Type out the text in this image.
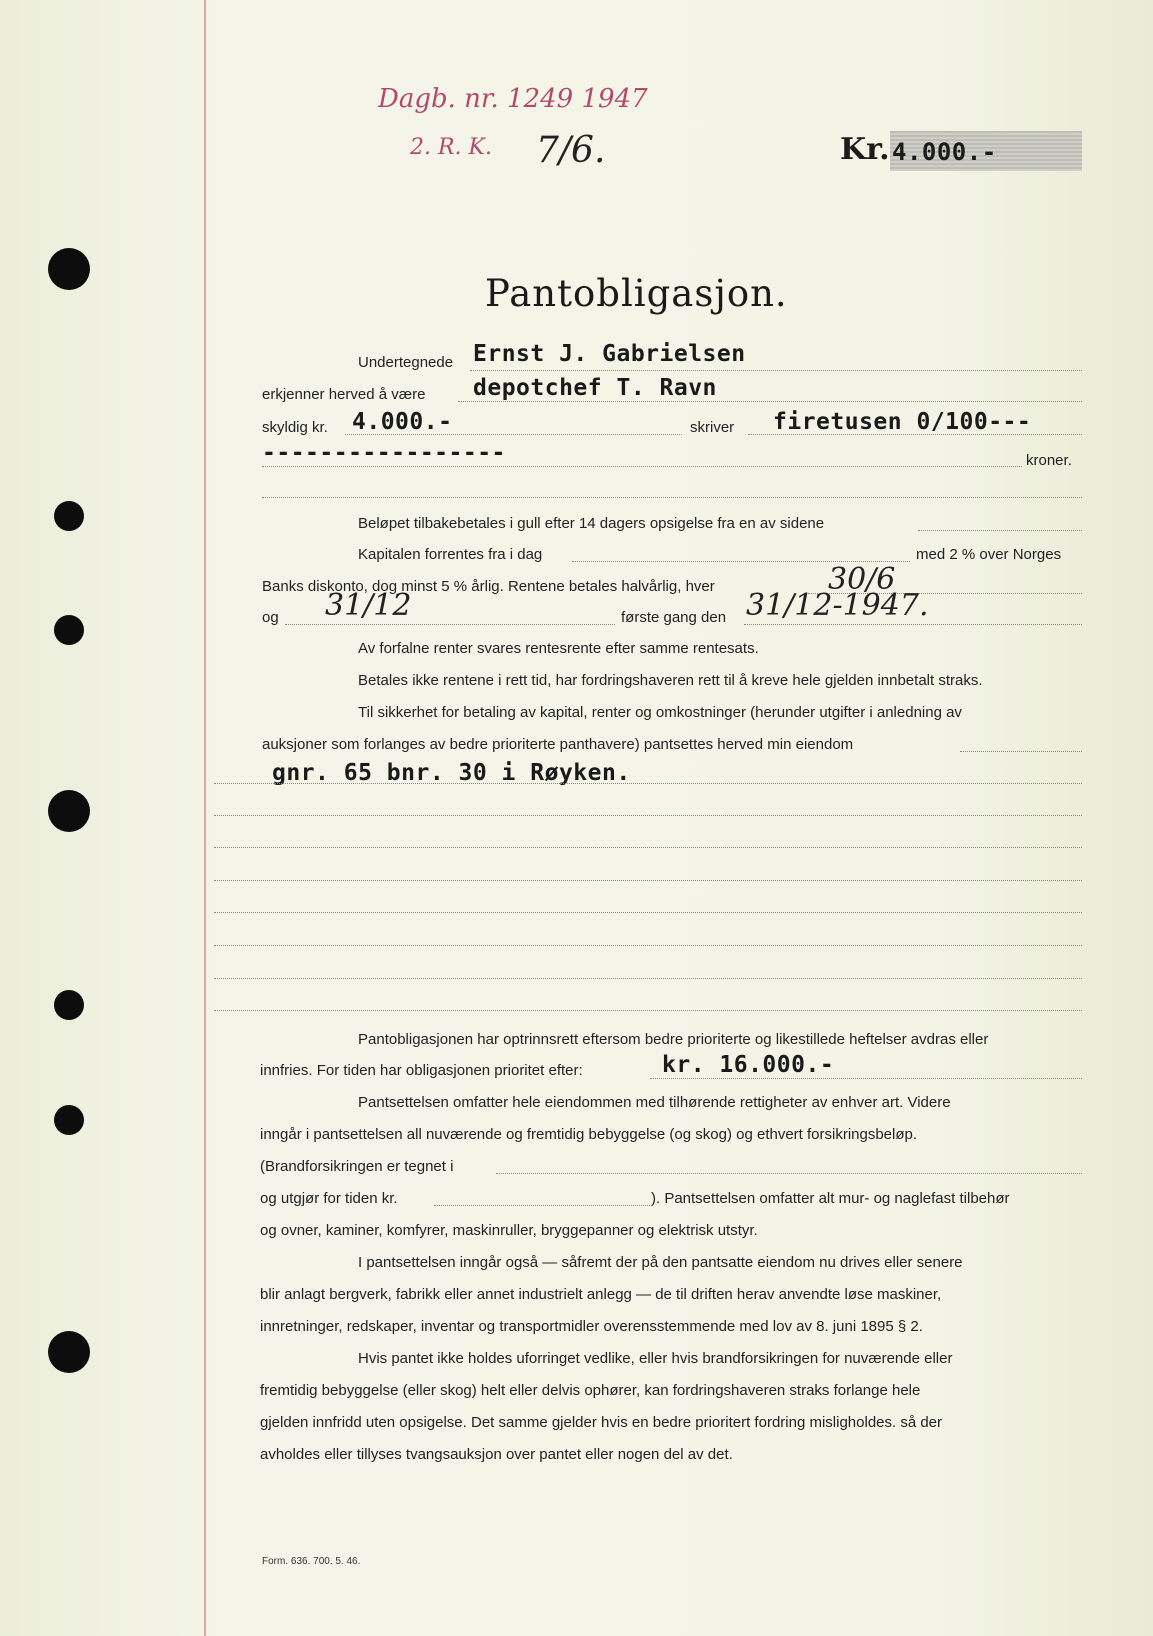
Dagb. nr. 1249 1947
2. R. K. 7/6.	Kr. 4.000.-
Pantobligasjon.
Undertegnede Ernst J. Gabrielsen
erkjenner herved å være depotchef T. Ravn
skyldig kr. 4.000.-	skriver firetusen 0/100---
-----------------	kroner.
Beløpet tilbakebetales i gull efter 14 dagers opsigelse fra en av sidene
Kapitalen forrentes fra i dag	med 2 % over Norges
Banks diskonto, dog minst 5 % årlig. Rentene betales halvårlig, hver	30/6
og 31/12	første gang den 31/12-1947.
Av forfalne renter svares rentesrente efter samme rentesats.
Betales ikke rentene i rett tid, har fordringshaveren rett til å kreve hele gjelden innbetalt straks.
Til sikkerhet for betaling av kapital, renter og omkostninger (herunder utgifter i anledning av
auksjoner som forlanges av bedre prioriterte panthavere) pantsettes herved min eiendom
gnr. 65 bnr. 30 i Røyken.
Pantobligasjonen har optrinnsrett eftersom bedre prioriterte og likestillede heftelser avdras eller
innfries. For tiden har obligasjonen prioritet efter:	kr. 16.000.-
Pantsettelsen omfatter hele eiendommen med tilhørende rettigheter av enhver art. Videre
inngår i pantsettelsen all nuværende og fremtidig bebyggelse (og skog) og ethvert forsikringsbeløp.
(Brandforsikringen er tegnet i
og utgjør for tiden kr.	). Pantsettelsen omfatter alt mur- og naglefast tilbehør
og ovner, kaminer, komfyrer, maskinruller, bryggepanner og elektrisk utstyr.
I pantsettelsen inngår også — såfremt der på den pantsatte eiendom nu drives eller senere
blir anlagt bergverk, fabrikk eller annet industrielt anlegg — de til driften herav anvendte løse maskiner,
innretninger, redskaper, inventar og transportmidler overensstemmende med lov av 8. juni 1895 § 2.
Hvis pantet ikke holdes uforringet vedlike, eller hvis brandforsikringen for nuværende eller
fremtidig bebyggelse (eller skog) helt eller delvis ophører, kan fordringshaveren straks forlange hele
gjelden innfridd uten opsigelse. Det samme gjelder hvis en bedre prioritert fordring misligholdes. så der
avholdes eller tillyses tvangsauksjon over pantet eller nogen del av det.
Form. 636. 700. 5. 46.
